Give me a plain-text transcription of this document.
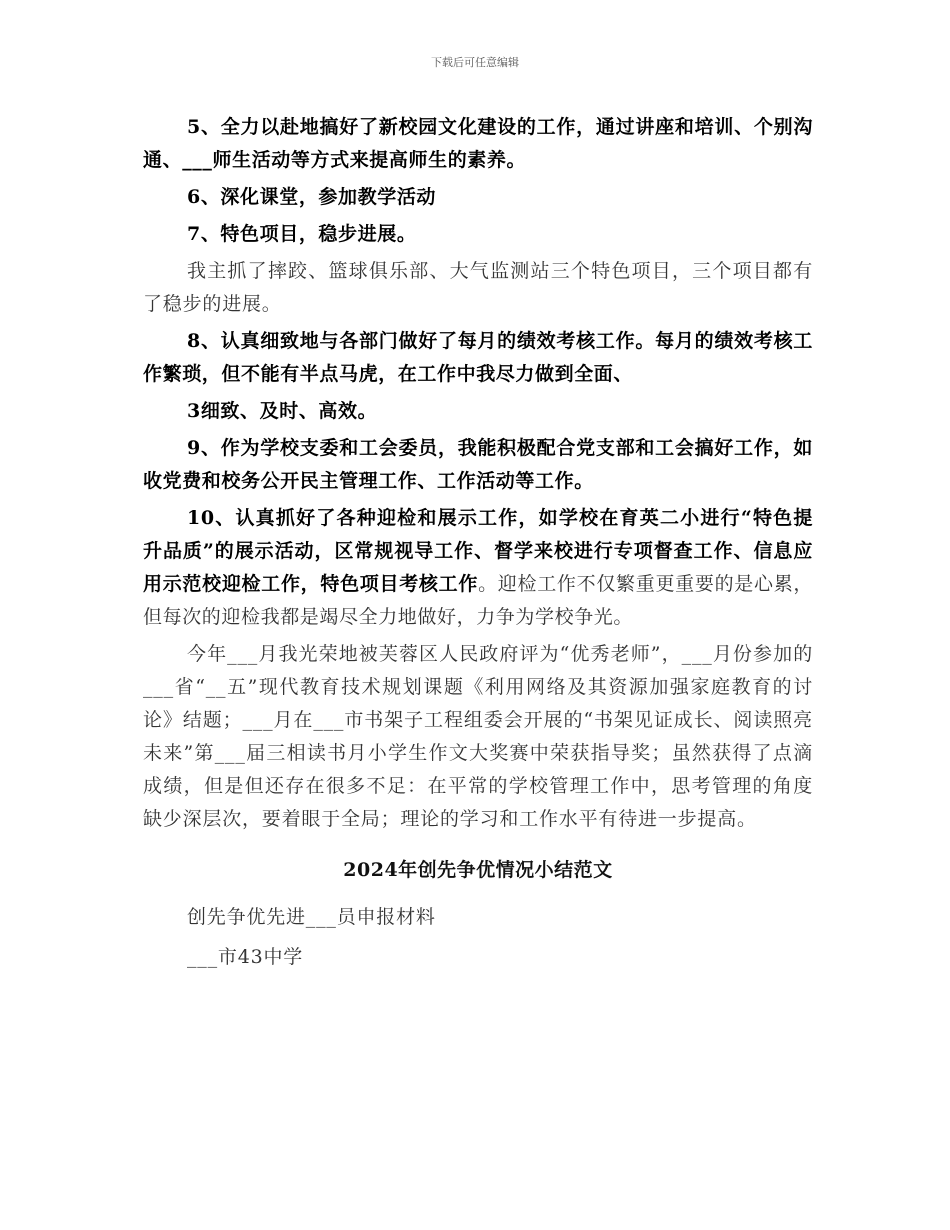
下载后可任意编辑

5、全力以赴地搞好了新校园文化建设的工作，通过讲座和培训、个别沟通、___师生活动等方式来提高师生的素养。

6、深化课堂，参加教学活动

7、特色项目，稳步进展。

我主抓了摔跤、篮球俱乐部、大气监测站三个特色项目，三个项目都有了稳步的进展。

8、认真细致地与各部门做好了每月的绩效考核工作。每月的绩效考核工作繁琐，但不能有半点马虎，在工作中我尽力做到全面、

3细致、及时、高效。

9、作为学校支委和工会委员，我能积极配合党支部和工会搞好工作，如收党费和校务公开民主管理工作、工作活动等工作。

10、认真抓好了各种迎检和展示工作，如学校在育英二小进行“特色提升品质”的展示活动，区常规视导工作、督学来校进行专项督查工作、信息应用示范校迎检工作，特色项目考核工作。迎检工作不仅繁重更重要的是心累，但每次的迎检我都是竭尽全力地做好，力争为学校争光。

今年___月我光荣地被芙蓉区人民政府评为“优秀老师”，___月份参加的___省“__五”现代教育技术规划课题《利用网络及其资源加强家庭教育的讨论》结题；___月在___市书架子工程组委会开展的“书架见证成长、阅读照亮未来”第___届三相读书月小学生作文大奖赛中荣获指导奖；虽然获得了点滴成绩，但是但还存在很多不足：在平常的学校管理工作中，思考管理的角度缺少深层次，要着眼于全局；理论的学习和工作水平有待进一步提高。

2024年创先争优情况小结范文

创先争优先进___员申报材料

___市43中学
